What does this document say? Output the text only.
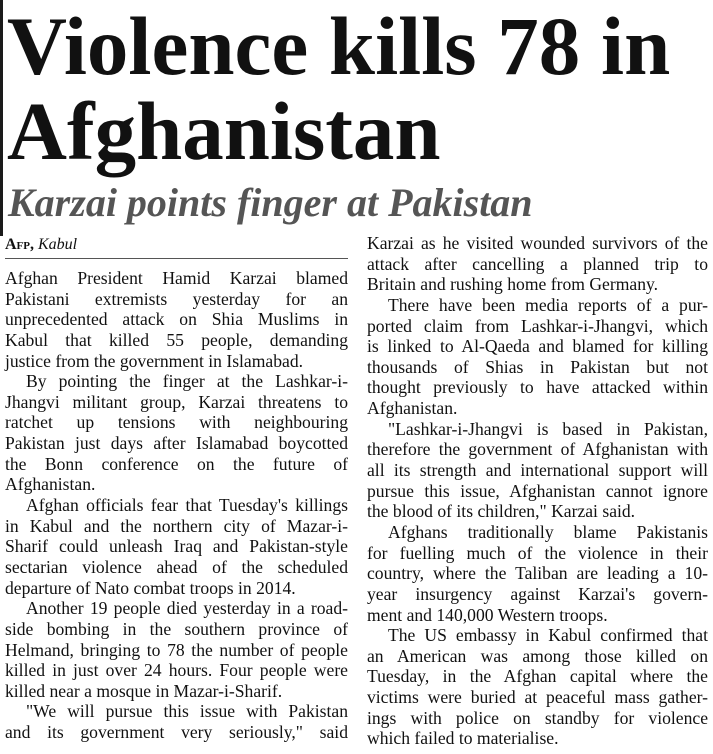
Violence kills 78 in
Afghanistan
Karzai points finger at Pakistan
Afp, Kabul
Afghan President Hamid Karzai blamed
Pakistani extremists yesterday for an
unprecedented attack on Shia Muslims in
Kabul that killed 55 people, demanding
justice from the government in Islamabad.
By pointing the finger at the Lashkar-i-
Jhangvi militant group, Karzai threatens to
ratchet up tensions with neighbouring
Pakistan just days after Islamabad boycotted
the Bonn conference on the future of
Afghanistan.
Afghan officials fear that Tuesday's killings
in Kabul and the northern city of Mazar-i-
Sharif could unleash Iraq and Pakistan-style
sectarian violence ahead of the scheduled
departure of Nato combat troops in 2014.
Another 19 people died yesterday in a road-
side bombing in the southern province of
Helmand, bringing to 78 the number of people
killed in just over 24 hours. Four people were
killed near a mosque in Mazar-i-Sharif.
"We will pursue this issue with Pakistan
and its government very seriously," said
Karzai as he visited wounded survivors of the
attack after cancelling a planned trip to
Britain and rushing home from Germany.
There have been media reports of a pur-
ported claim from Lashkar-i-Jhangvi, which
is linked to Al-Qaeda and blamed for killing
thousands of Shias in Pakistan but not
thought previously to have attacked within
Afghanistan.
"Lashkar-i-Jhangvi is based in Pakistan,
therefore the government of Afghanistan with
all its strength and international support will
pursue this issue, Afghanistan cannot ignore
the blood of its children," Karzai said.
Afghans traditionally blame Pakistanis
for fuelling much of the violence in their
country, where the Taliban are leading a 10-
year insurgency against Karzai's govern-
ment and 140,000 Western troops.
The US embassy in Kabul confirmed that
an American was among those killed on
Tuesday, in the Afghan capital where the
victims were buried at peaceful mass gather-
ings with police on standby for violence
which failed to materialise.
